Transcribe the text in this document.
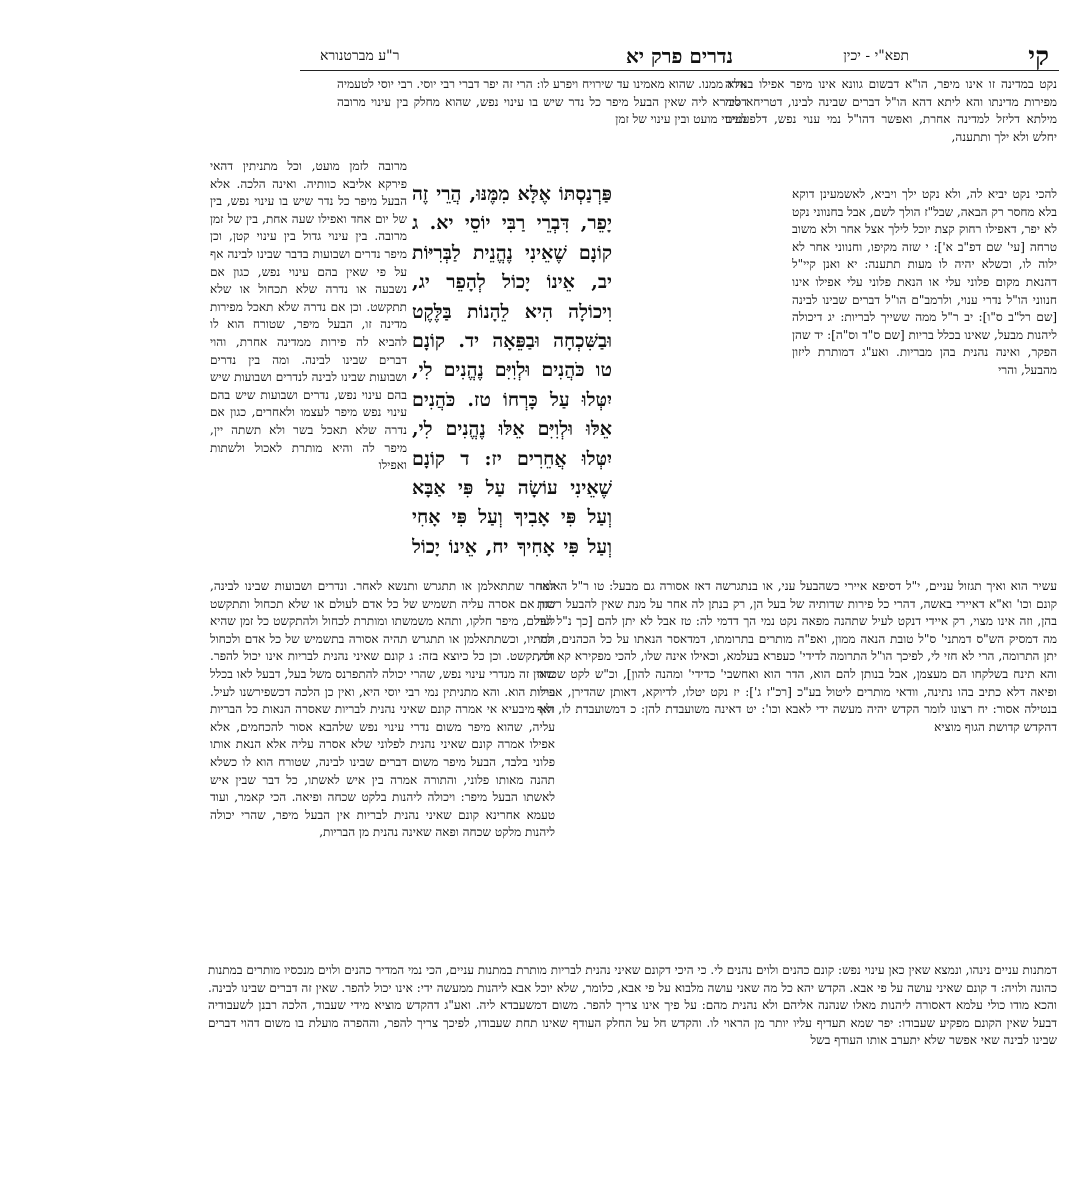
קי
תפא"י - יכין
נדרים פרק יא
ר"ע מברטנורא
נקט במדינה זו אינו מיפר, הו"א דבשום גוונא אינו מיפר אפילו בנדרה מפירות מדינתו והא ליתא דהא הו"ל דברים שבינה לבינו, דטריחא ליה מילתא דליזל למדינה אחרת, ואפשר דהו"ל נמי ענוי נפש, דלפעמים יחלש ולא ילך ותתענה,
להכי נקט יביא לה, ולא נקט ילך ויביא, לאשמעינן דוקא בלא מחסר רק הבאה, שבל"ז הולך לשם, אבל בחנווני נקט לא יפר, דאפילו רחוק קצת יוכל לילך אצל אחר ולא משוב טרחה [עי' שם דפ"ב א']: י שזה מקיפו, וחנווני אחר לא ילוה לו, וכשלא יהיה לו מעות תתענה: יא ואנן קיי"ל דהנאת מקום פלוני עלי או הנאת פלוני עלי אפילו אינו חנווני הו"ל נדרי ענוי, ולרמב"ם הו"ל דברים שבינו לבינה [שם רל"ב ס"ו]: יב ר"ל ממה ששייך לבריות: יג דיכולה ליהנות מבעל, שאינו בכלל בריות [שם ס"ד וס"ה]: יד שהן הפקר, ואינה נהנית בהן מבריות. ואע"ג דמותרת ליזון מהבעל, והרי
עשיר הוא ואיך תגזול עניים, י"ל דסיפא איירי כשהבעל עני, או בנתגרשה דאז אסורה גם מבעל: טו ר"ל האומר קונם וכו' וא"א דאיירי באשה, דהרי כל פירות שדותיה של בעל הן, רק בנתן לה אחר על מנת שאין להבעל רשות בהן, וזה אינו מצוי, רק איידי דנקט לעיל שתהנה מפאה נקט נמי הך דדמי לה: טז אבל לא יתן להם [כך נ"ל לפי מה דמסיק הש"ס דמתני' ס"ל טובת הנאה ממון, ואפ"ה מותרים בתרומתו, דמדאסר הנאתו על כל הכהנים, למי יתן התרומה, הרי לא חזי לי, לפיכך הו"ל התרומה לדידי' כעפרא בעלמא, וכאילו אינה שלו, להכי מפקירא קא זכי, והא תינח בשלקחו הם מעצמן, אבל בנותן להם הוא, הדר הוא ואחשבי' כדידי' ומהנה להון], וכ"ש לקט שכחה ופיאה דלא כתיב בהו נתינה, וודאי מותרים ליטול בע"כ [רכ"ז ג']: יז נקט יטלו, לדיוקא, דאותן שהדירן, אפילו בנטילה אסור: יח רצונו לומר הקדש יהיה מעשה ידי לאבא וכו': יט דאינה משועבדת להן: כ דמשועבדת לו, ואף דהקדש קדושת הגוף מוציא
אלא ממנו. שהוא מאמינו עד שירויח ויפרע לו: הרי זה יפר דברי רבי יוסי. רבי יוסי לטעמיה דסבירא ליה שאין הבעל מיפר כל נדר שיש בו עינוי נפש, שהוא מחלק בין עינוי מרובה לעינוי מועט ובין עינוי של זמן
מרובה לזמן מועט, וכל מתניתין דהאי פירקא אליבא כוותיה. ואינה הלכה. אלא הבעל מיפר כל נדר שיש בו עינוי נפש, בין של יום אחד ואפילו שעה אחת, בין של זמן מרובה. בין עינוי גדול בין עינוי קטן, וכן מיפר נדרים ושבועות בדבר שבינו לבינה אף על פי שאין בהם עינוי נפש, כגון אם נשבעה או נדרה שלא תכחול או שלא תתקשט. וכן אם נדרה שלא תאכל מפירות מדינה זו, הבעל מיפר, שטורח הוא לו להביא לה פירות ממדינה אחרת, והוי דברים שבינו לבינה. ומה בין נדרים ושבועות שבינו לבינה לנדרים ושבועות שיש בהם עינוי נפש, נדרים ושבועות שיש בהם עינוי נפש מיפר לעצמו ולאחרים, כגון אם נדרה שלא תאכל בשר ולא תשתה יין, מיפר לה והיא מותרת לאכול ולשתות ואפילו
לאחר שתתאלמן או תתגרש ותנשא לאחר. ונדרים ושבועות שבינו לבינה, כגון אם אסרה עליה תשמיש של כל אדם לעולם או שלא תכחול ותתקשט לעולם, מיפר חלקו, ותהא משמשתו ומותרת לכחול ולהתקשט כל זמן שהיא תחתיו, וכשתתאלמן או תתגרש תהיה אסורה בתשמיש של כל אדם ולכחול ולהתקשט. וכן כל כיוצא בזה: ג קונם שאיני נהנית לבריות אינו יכול להפר. שאין זה מנדרי עינוי נפש, שהרי יכולה להתפרנס משל בעל, דבעל לאו בכלל בריות הוא. והא מתניתין נמי רבי יוסי היא, ואין כן הלכה דכשפירשנו לעיל. ולא מיבעיא אי אמרה קונם שאיני נהנית לבריות שאסרה הנאות כל הבריות עליה, שהוא מיפר משום נדרי עינוי נפש שלהבא אסור להכחמים, אלא אפילו אמרה קונם שאיני נהנית לפלוני שלא אסרה עליה אלא הנאת אותו פלוני בלבד, הבעל מיפר משום דברים שבינו לבינה, שטורח הוא לו כשלא תהנה מאותו פלוני, והתורה אמרה בין איש לאשתו, כל דבר שבין איש לאשתו הבעל מיפר: ויכולה ליהנות בלקט שכחה ופיאה. הכי קאמר, ועוד טעמא אחרינא קונם שאיני נהנית לבריות אין הבעל מיפר, שהרי יכולה ליהנות מלקט שכחה ופאה שאינה נהנית מן הבריות,
דמתנות עניים נינהו, ונמצא שאין כאן עינוי נפש: קונם כהנים ולוים נהנים לי. כי היכי דקונם שאיני נהנית לבריות מותרת במתנות עניים, הכי נמי המדיר כהנים ולוים מנכסיו מותרים במתנות כהונה ולויה: ד קונם שאיני עושה על פי אבא. הקדש יהא כל מה שאני עושה מלבוא על פי אבא, כלומר, שלא יוכל אבא ליהנות ממעשה ידי: אינו יכול להפר. שאין זה דברים שבינו לבינה. והכא מודו כולי עלמא דאסורה ליהנות מאלו שנהנה אליהם ולא נהנית מהם: על פיך אינו צריך להפר. משום דמשעבדא ליה. ואע"ג דהקדש מוציא מידי שעבוד, הלכה רבנן לשעבודיה דבעל שאין הקונם מפקיע שעבודו: יפר שמא תעדיף עליו יותר מן הראוי לו. והקדש חל על החלק העודף שאינו תחת שעבודו, לפיכך צריך להפר, וההפרה מועלת בו משום דהוי דברים שבינו לבינה שאי אפשר שלא יתערב אותו העודף בשל
פַּרְנַסְתּוֹ אֶלָּא מִמֶּנּוּ, הֲרֵי זֶה יָפֵר, דִּבְרֵי רַבִּי יוֹסֵי יא. ג קוֹנָם שֶׁאֵינִי נֶהֱנֵית לַבְּרִיּוֹת יב, אֵינוֹ יָכוֹל לְהָפֵר יג, וִיכוֹלָה הִיא לֵהָנוֹת בַּלֶּקֶט וּבַשִּׁכְחָה וּבַפֵּאָה יד. קוֹנָם טו כֹּהֲנִים וּלְוִיִּם נֶהֱנִים לִי, יִטְּלוּ עַל כָּרְחוֹ טז. כֹּהֲנִים אֵלּוּ וּלְוִיִּם אֵלּוּ נֶהֱנִים לִי, יִטְּלוּ אֲחֵרִים יז: ד קוֹנָם שֶׁאֵינִי עוֹשָׂה עַל פִּי אַבָּא וְעַל פִּי אָבִיךָ וְעַל פִּי אָחִי וְעַל פִּי אָחִיךָ יח, אֵינוֹ יָכוֹל
